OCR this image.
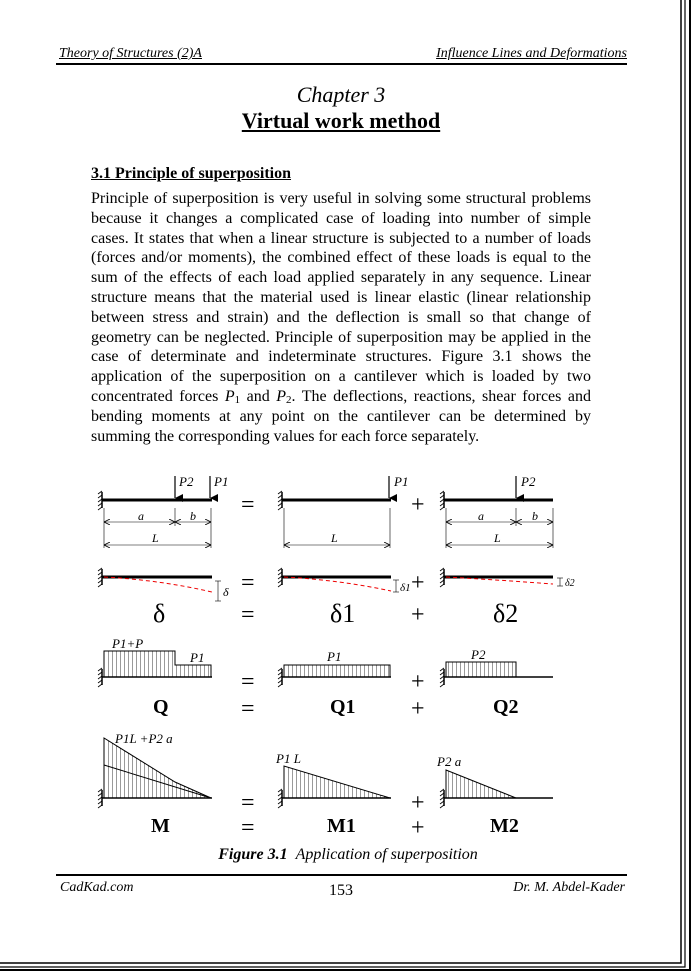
Theory of Structures (2)A	Influence Lines and Deformations
Chapter 3
Virtual work method
3.1 Principle of superposition
Principle of superposition is very useful in solving some structural problems because it changes a complicated case of loading into number of simple cases. It states that when a linear structure is subjected to a number of loads (forces and/or moments), the combined effect of these loads is equal to the sum of the effects of each load applied separately in any sequence. Linear structure means that the material used is linear elastic (linear relationship between stress and strain) and the deflection is small so that change of geometry can be neglected. Principle of superposition may be applied in the case of determinate and indeterminate structures. Figure 3.1 shows the application of the superposition on a cantilever which is loaded by two concentrated forces $P_1$ and $P_2$. The deflections, reactions, shear forces and bending moments at any point on the cantilever can be determined by summing the corresponding values for each force separately.
P2 P1
a	b
L
=
P1
L
+
P2
a	b
L
δ =	δ1 +	δ2
δ	=	δ1 +	δ2
P1+P
P1	P1	P2
=	+
Q	=	Q1 +	Q2
P1L +P2 a
P1 L	P2 a
=	+
M	=	M1 +	M2
Figure 3.1 Application of superposition
CadKad.com	153	Dr. M. Abdel-Kader
